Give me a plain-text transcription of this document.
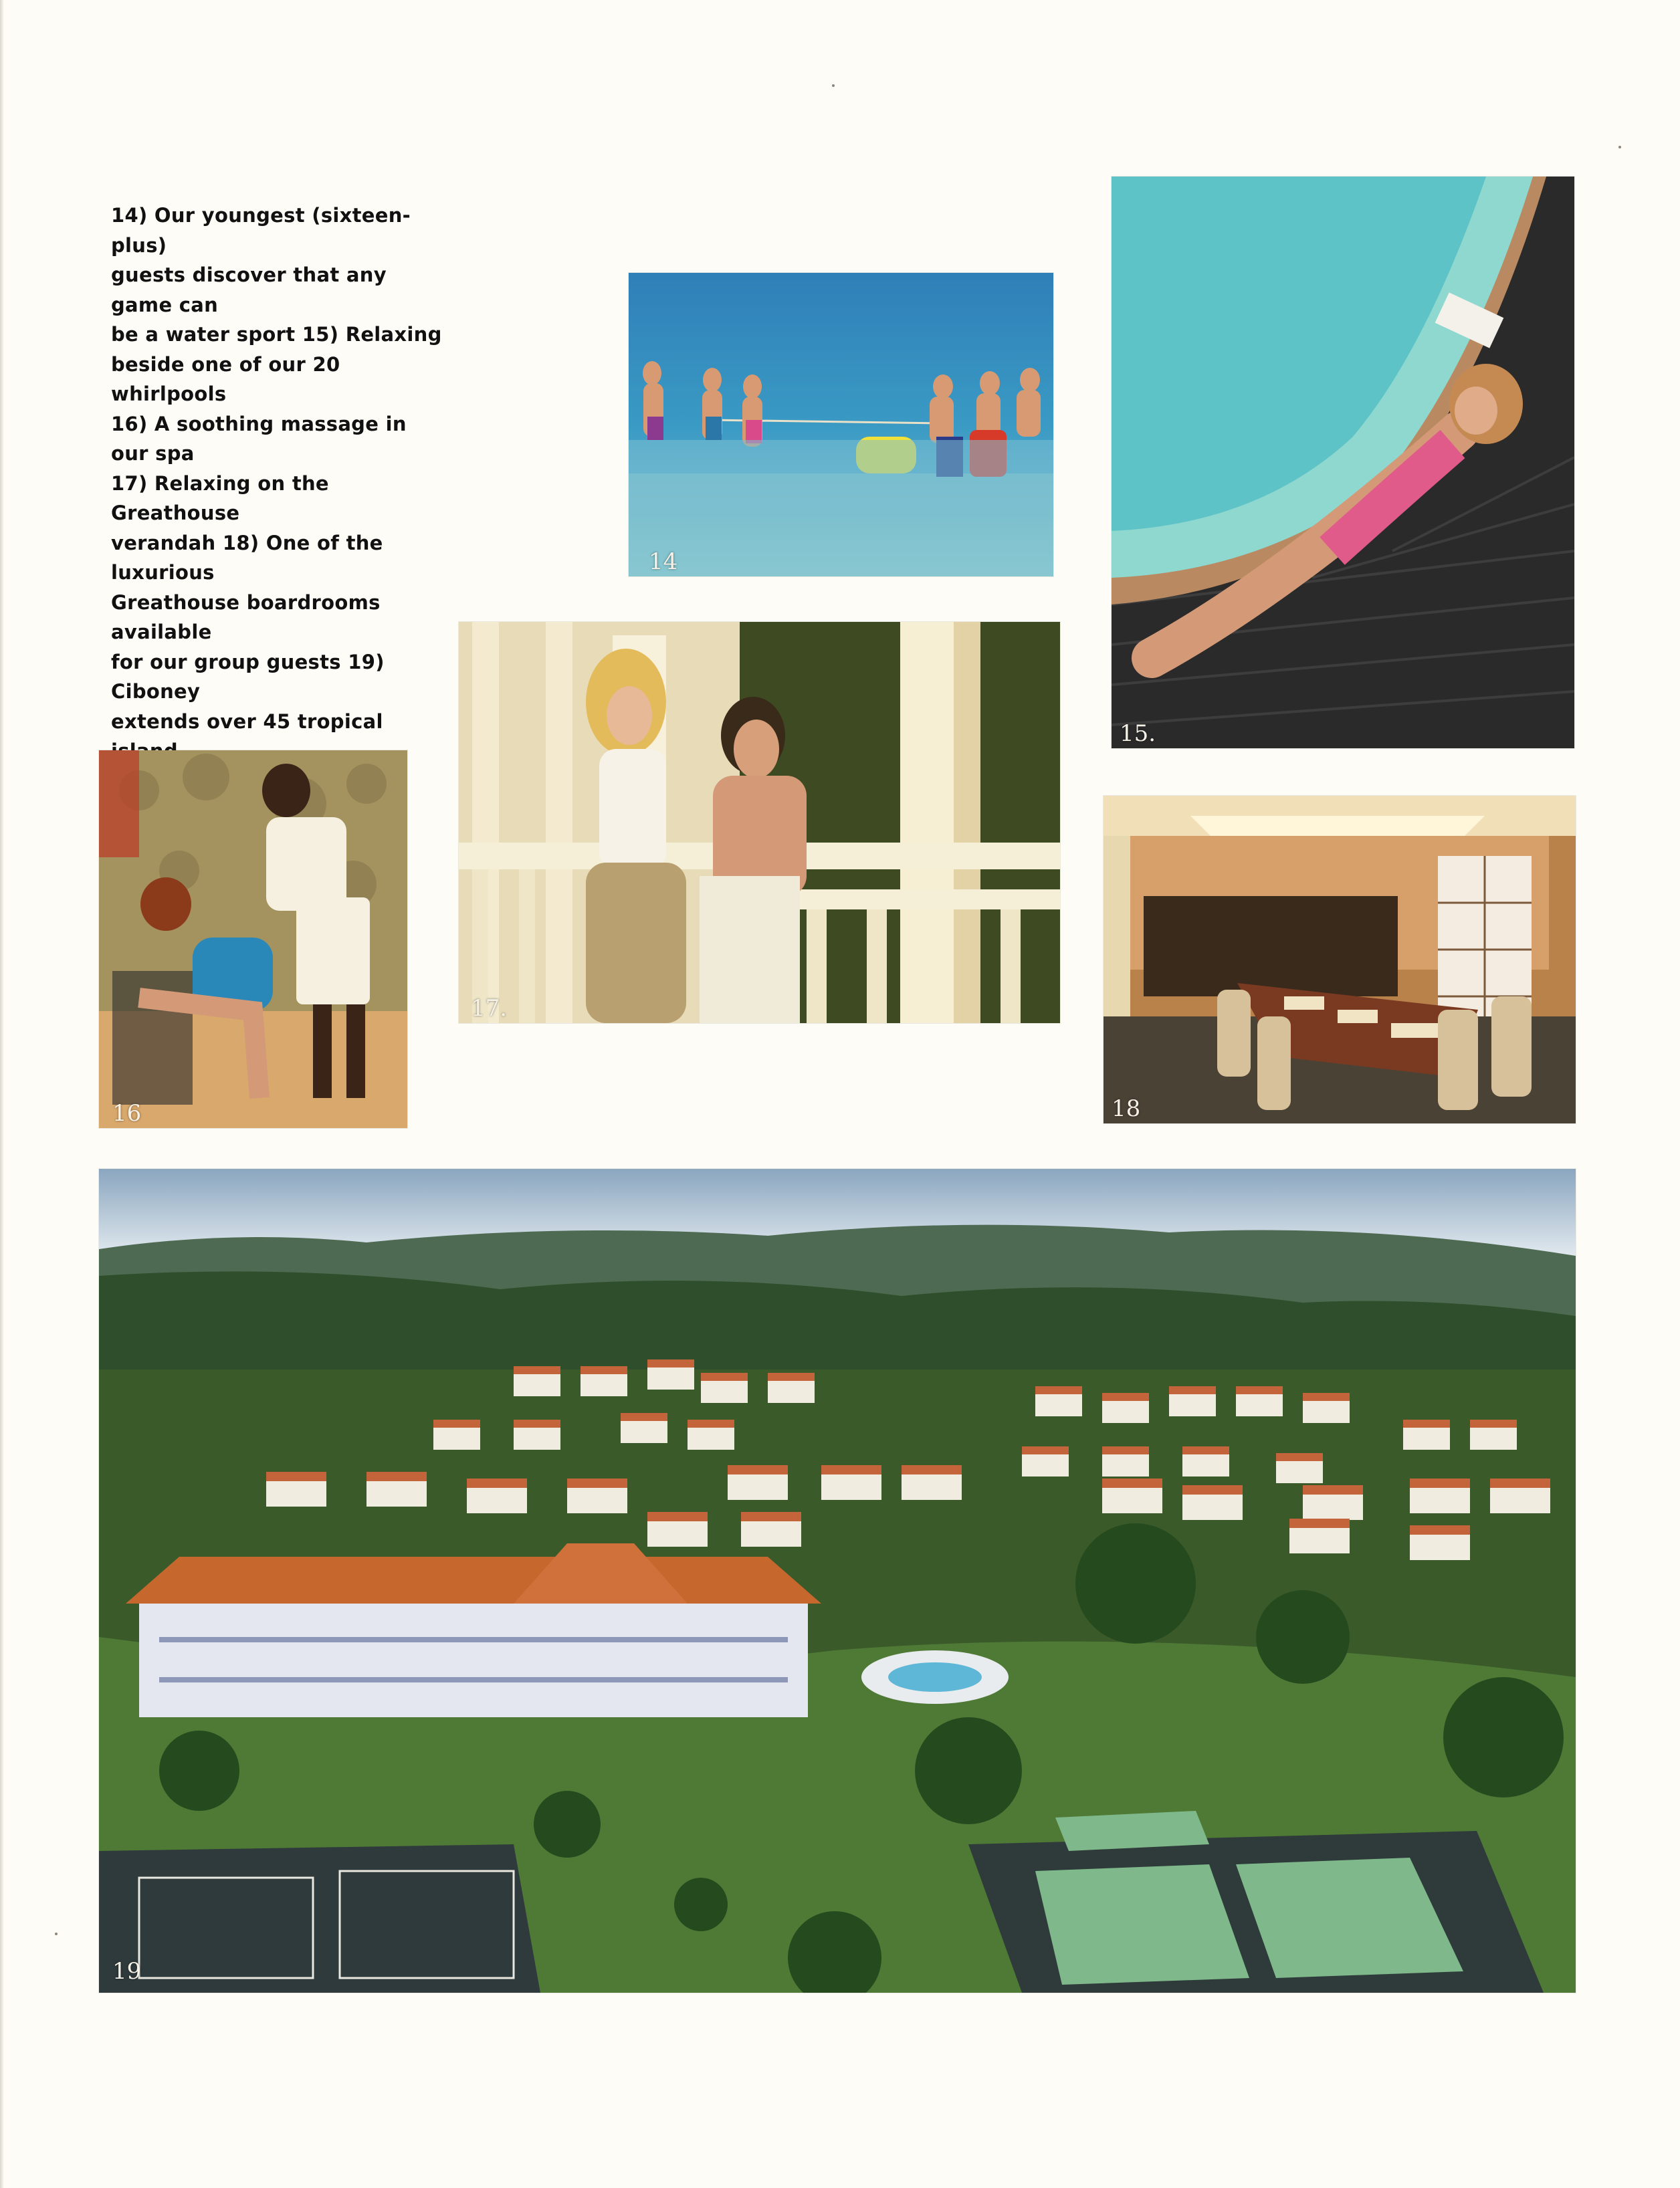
14) Our youngest (sixteen-plus)
guests discover that any game can
be a water sport 15) Relaxing
beside one of our 20 whirlpools
16) A soothing massage in our spa
17) Relaxing on the Greathouse
verandah 18) One of the luxurious
Greathouse boardrooms available
for our group guests 19) Ciboney
extends over 45 tropical
14
15.
16
17.
18
19
